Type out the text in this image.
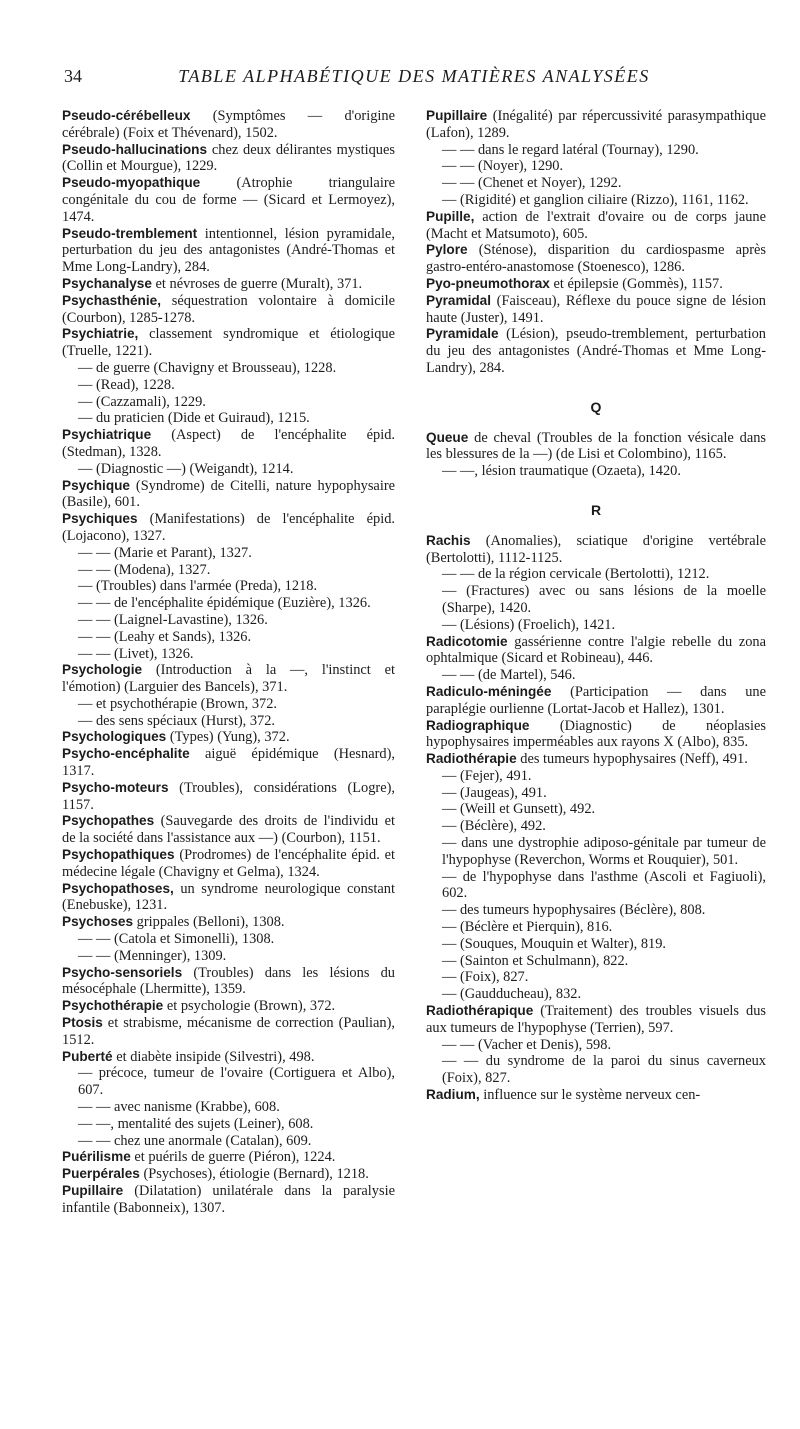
34	TABLE ALPHABÉTIQUE DES MATIÈRES ANALYSÉES

Pseudo-cérébelleux (Symptômes — d'origine cérébrale) (Foix et Thévenard), 1502.

Pseudo-hallucinations chez deux délirantes mystiques (Collin et Mourgue), 1229.

Pseudo-myopathique (Atrophie triangulaire congénitale du cou de forme — (Sicard et Lermoyez), 1474.

Pseudo-tremblement intentionnel, lésion pyramidale, perturbation du jeu des antagonistes (André-Thomas et Mme Long-Landry), 284.

Psychanalyse et névroses de guerre (Muralt), 371.

Psychasthénie, séquestration volontaire à domicile (Courbon), 1285-1278.

Psychiatrie, classement syndromique et étiologique (Truelle, 1221).

— de guerre (Chavigny et Brousseau), 1228.

— (Read), 1228.

— (Cazzamali), 1229.

— du praticien (Dide et Guiraud), 1215.

Psychiatrique (Aspect) de l'encéphalite épid. (Stedman), 1328.

— (Diagnostic —) (Weigandt), 1214.

Psychique (Syndrome) de Citelli, nature hypophysaire (Basile), 601.

Psychiques (Manifestations) de l'encéphalite épid. (Lojacono), 1327.

— — (Marie et Parant), 1327.

— — (Modena), 1327.

— (Troubles) dans l'armée (Preda), 1218.

— — de l'encéphalite épidémique (Euzière), 1326.

— — (Laignel-Lavastine), 1326.

— — (Leahy et Sands), 1326.

— — (Livet), 1326.

Psychologie (Introduction à la —, l'instinct et l'émotion) (Larguier des Bancels), 371.

— et psychothérapie (Brown, 372.

— des sens spéciaux (Hurst), 372.

Psychologiques (Types) (Yung), 372.

Psycho-encéphalite aiguë épidémique (Hesnard), 1317.

Psycho-moteurs (Troubles), considérations (Logre), 1157.

Psychopathes (Sauvegarde des droits de l'individu et de la société dans l'assistance aux —) (Courbon), 1151.

Psychopathiques (Prodromes) de l'encéphalite épid. et médecine légale (Chavigny et Gelma), 1324.

Psychopathoses, un syndrome neurologique constant (Enebuske), 1231.

Psychoses grippales (Belloni), 1308.

— — (Catola et Simonelli), 1308.

— — (Menninger), 1309.

Psycho-sensoriels (Troubles) dans les lésions du mésocéphale (Lhermitte), 1359.

Psychothérapie et psychologie (Brown), 372.

Ptosis et strabisme, mécanisme de correction (Paulian), 1512.

Puberté et diabète insipide (Silvestri), 498.

— précoce, tumeur de l'ovaire (Cortiguera et Albo), 607.

— — avec nanisme (Krabbe), 608.

— —, mentalité des sujets (Leiner), 608.

— — chez une anormale (Catalan), 609.

Puérilisme et puérils de guerre (Piéron), 1224.

Puerpérales (Psychoses), étiologie (Bernard), 1218.

Pupillaire (Dilatation) unilatérale dans la paralysie infantile (Babonneix), 1307.

Pupillaire (Inégalité) par répercussivité parasympathique (Lafon), 1289.

— — dans le regard latéral (Tournay), 1290.

— — (Noyer), 1290.

— — (Chenet et Noyer), 1292.

— (Rigidité) et ganglion ciliaire (Rizzo), 1161, 1162.

Pupille, action de l'extrait d'ovaire ou de corps jaune (Macht et Matsumoto), 605.

Pylore (Sténose), disparition du cardiospasme après gastro-entéro-anastomose (Stoenesco), 1286.

Pyo-pneumothorax et épilepsie (Gommès), 1157.

Pyramidal (Faisceau), Réflexe du pouce signe de lésion haute (Juster), 1491.

Pyramidale (Lésion), pseudo-tremblement, perturbation du jeu des antagonistes (André-Thomas et Mme Long-Landry), 284.

Q

Queue de cheval (Troubles de la fonction vésicale dans les blessures de la —) (de Lisi et Colombino), 1165.

— —, lésion traumatique (Ozaeta), 1420.

R

Rachis (Anomalies), sciatique d'origine vertébrale (Bertolotti), 1112-1125.

— — de la région cervicale (Bertolotti), 1212.

— (Fractures) avec ou sans lésions de la moelle (Sharpe), 1420.

— (Lésions) (Froelich), 1421.

Radicotomie gassérienne contre l'algie rebelle du zona ophtalmique (Sicard et Robineau), 446.

— — (de Martel), 546.

Radiculo-méningée (Participation — dans une paraplégie ourlienne (Lortat-Jacob et Hallez), 1301.

Radiographique (Diagnostic) de néoplasies hypophysaires imperméables aux rayons X (Albo), 835.

Radiothérapie des tumeurs hypophysaires (Neff), 491.

— (Fejer), 491.

— (Jaugeas), 491.

— (Weill et Gunsett), 492.

— (Béclère), 492.

— dans une dystrophie adiposo-génitale par tumeur de l'hypophyse (Reverchon, Worms et Rouquier), 501.

— de l'hypophyse dans l'asthme (Ascoli et Fagiuoli), 602.

— des tumeurs hypophysaires (Béclère), 808.

— (Béclère et Pierquin), 816.

— (Souques, Mouquin et Walter), 819.

— (Sainton et Schulmann), 822.

— (Foix), 827.

— (Gaudducheau), 832.

Radiothérapique (Traitement) des troubles visuels dus aux tumeurs de l'hypophyse (Terrien), 597.

— — (Vacher et Denis), 598.

— — du syndrome de la paroi du sinus caverneux (Foix), 827.

Radium, influence sur le système nerveux cen-
